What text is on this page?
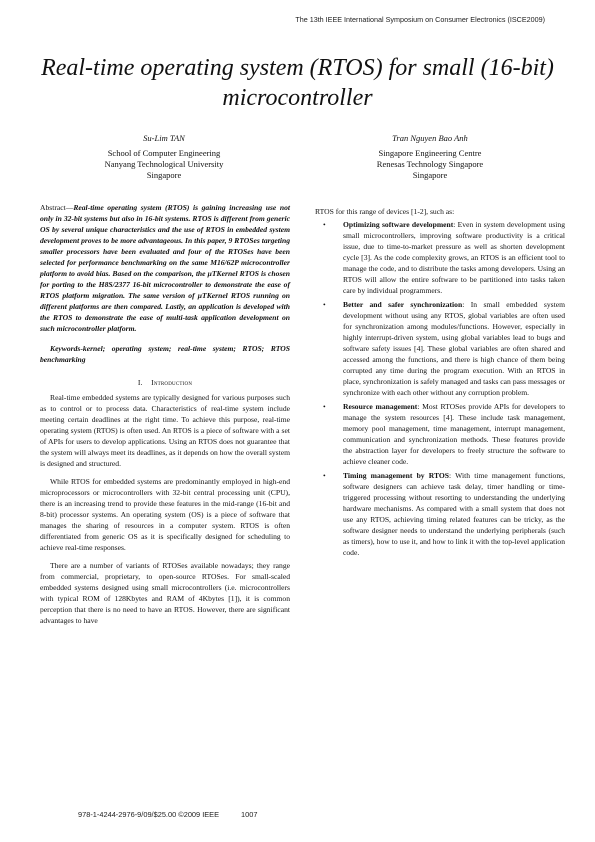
The 13th IEEE International Symposium on Consumer Electronics (ISCE2009)
Real-time operating system (RTOS) for small (16-bit) microcontroller
Su-Lim TAN
School of Computer Engineering
Nanyang Technological University
Singapore
Tran Nguyen Bao Anh
Singapore Engineering Centre
Renesas Technology Singapore
Singapore
Abstract—Real-time operating system (RTOS) is gaining increasing use not only in 32-bit systems but also in 16-bit systems. RTOS is different from generic OS by several unique characteristics and the use of RTOS in embedded system development proves to be more advantageous. In this paper, 9 RTOSes targeting smaller processors have been evaluated and four of the RTOSes have been selected for performance benchmarking on the same M16/62P microcontroller platform to avoid bias. Based on the comparison, the µTKernel RTOS is chosen for porting to the H8S/2377 16-bit microcontroller to demonstrate the ease of RTOS platform migration. The same version of µTKernel RTOS running on different platforms are then compared. Lastly, an application is developed with the RTOS to demonstrate the ease of multi-task application development on such microcontroller platform.
Keywords-kernel; operating system; real-time system; RTOS; RTOS benchmarking
I. Introduction

Real-time embedded systems are typically designed for various purposes such as to control or to process data. Characteristics of real-time system include meeting certain deadlines at the right time. To achieve this purpose, real-time operating system (RTOS) is often used. An RTOS is a piece of software with a set of APIs for users to develop applications. Using an RTOS does not guarantee that the system will always meet its deadlines, as it depends on how the overall system is designed and structured.

While RTOS for embedded systems are predominantly employed in high-end microprocessors or microcontrollers with 32-bit central processing unit (CPU), there is an increasing trend to provide these features in the mid-range (16-bit and 8-bit) processor systems. An operating system (OS) is a piece of software that manages the sharing of resources in a computer system. RTOS is often differentiated from generic OS as it is specifically designed for scheduling to achieve real-time responses.

There are a number of variants of RTOSes available nowadays; they range from commercial, proprietary, to open-source RTOSes. For small-scaled embedded systems designed using small microcontrollers (i.e. microcontrollers with typical ROM of 128Kbytes and RAM of 4Kbytes [1]), it is common perception that there is no need to have an RTOS. However, there are significant advantages to have

RTOS for this range of devices [1-2], such as:
• Optimizing software development: Even in system development using small microcontrollers, improving software productivity is a critical issue, due to time-to-market pressure as well as shorten development cycle [3]. As the code complexity grows, an RTOS is an efficient tool to manage the code, and to distribute the tasks among developers. Using an RTOS will allow the entire software to be partitioned into tasks taken care by individual programmers.
• Better and safer synchronization: In small embedded system development without using any RTOS, global variables are often used for synchronization among modules/functions. However, especially in highly interrupt-driven system, using global variables lead to bugs and software safety issues [4]. These global variables are often shared and accessed among the functions, and there is high chance of them being corrupted any time during the program execution. With an RTOS in place, synchronization is safely managed and tasks can pass messages or synchronize with each other without any corruption problem.
• Resource management: Most RTOSes provide APIs for developers to manage the system resources [4]. These include task management, memory pool management, time management, interrupt management, communication and synchronization methods. These features provide the abstraction layer for developers to freely structure the software to achieve cleaner code.
• Timing management by RTOS: With time management functions, software designers can achieve task delay, timer handling or time-triggered processing without resorting to understanding the underlying hardware mechanisms. As compared with a small system that does not use any RTOS, achieving timing related features can be tricky, as the software designer needs to understand the underlying peripherals (such as timers), how to use it, and how to link it with the top-level application code.
978-1-4244-2976-9/09/$25.00 ©2009 IEEE	1007
